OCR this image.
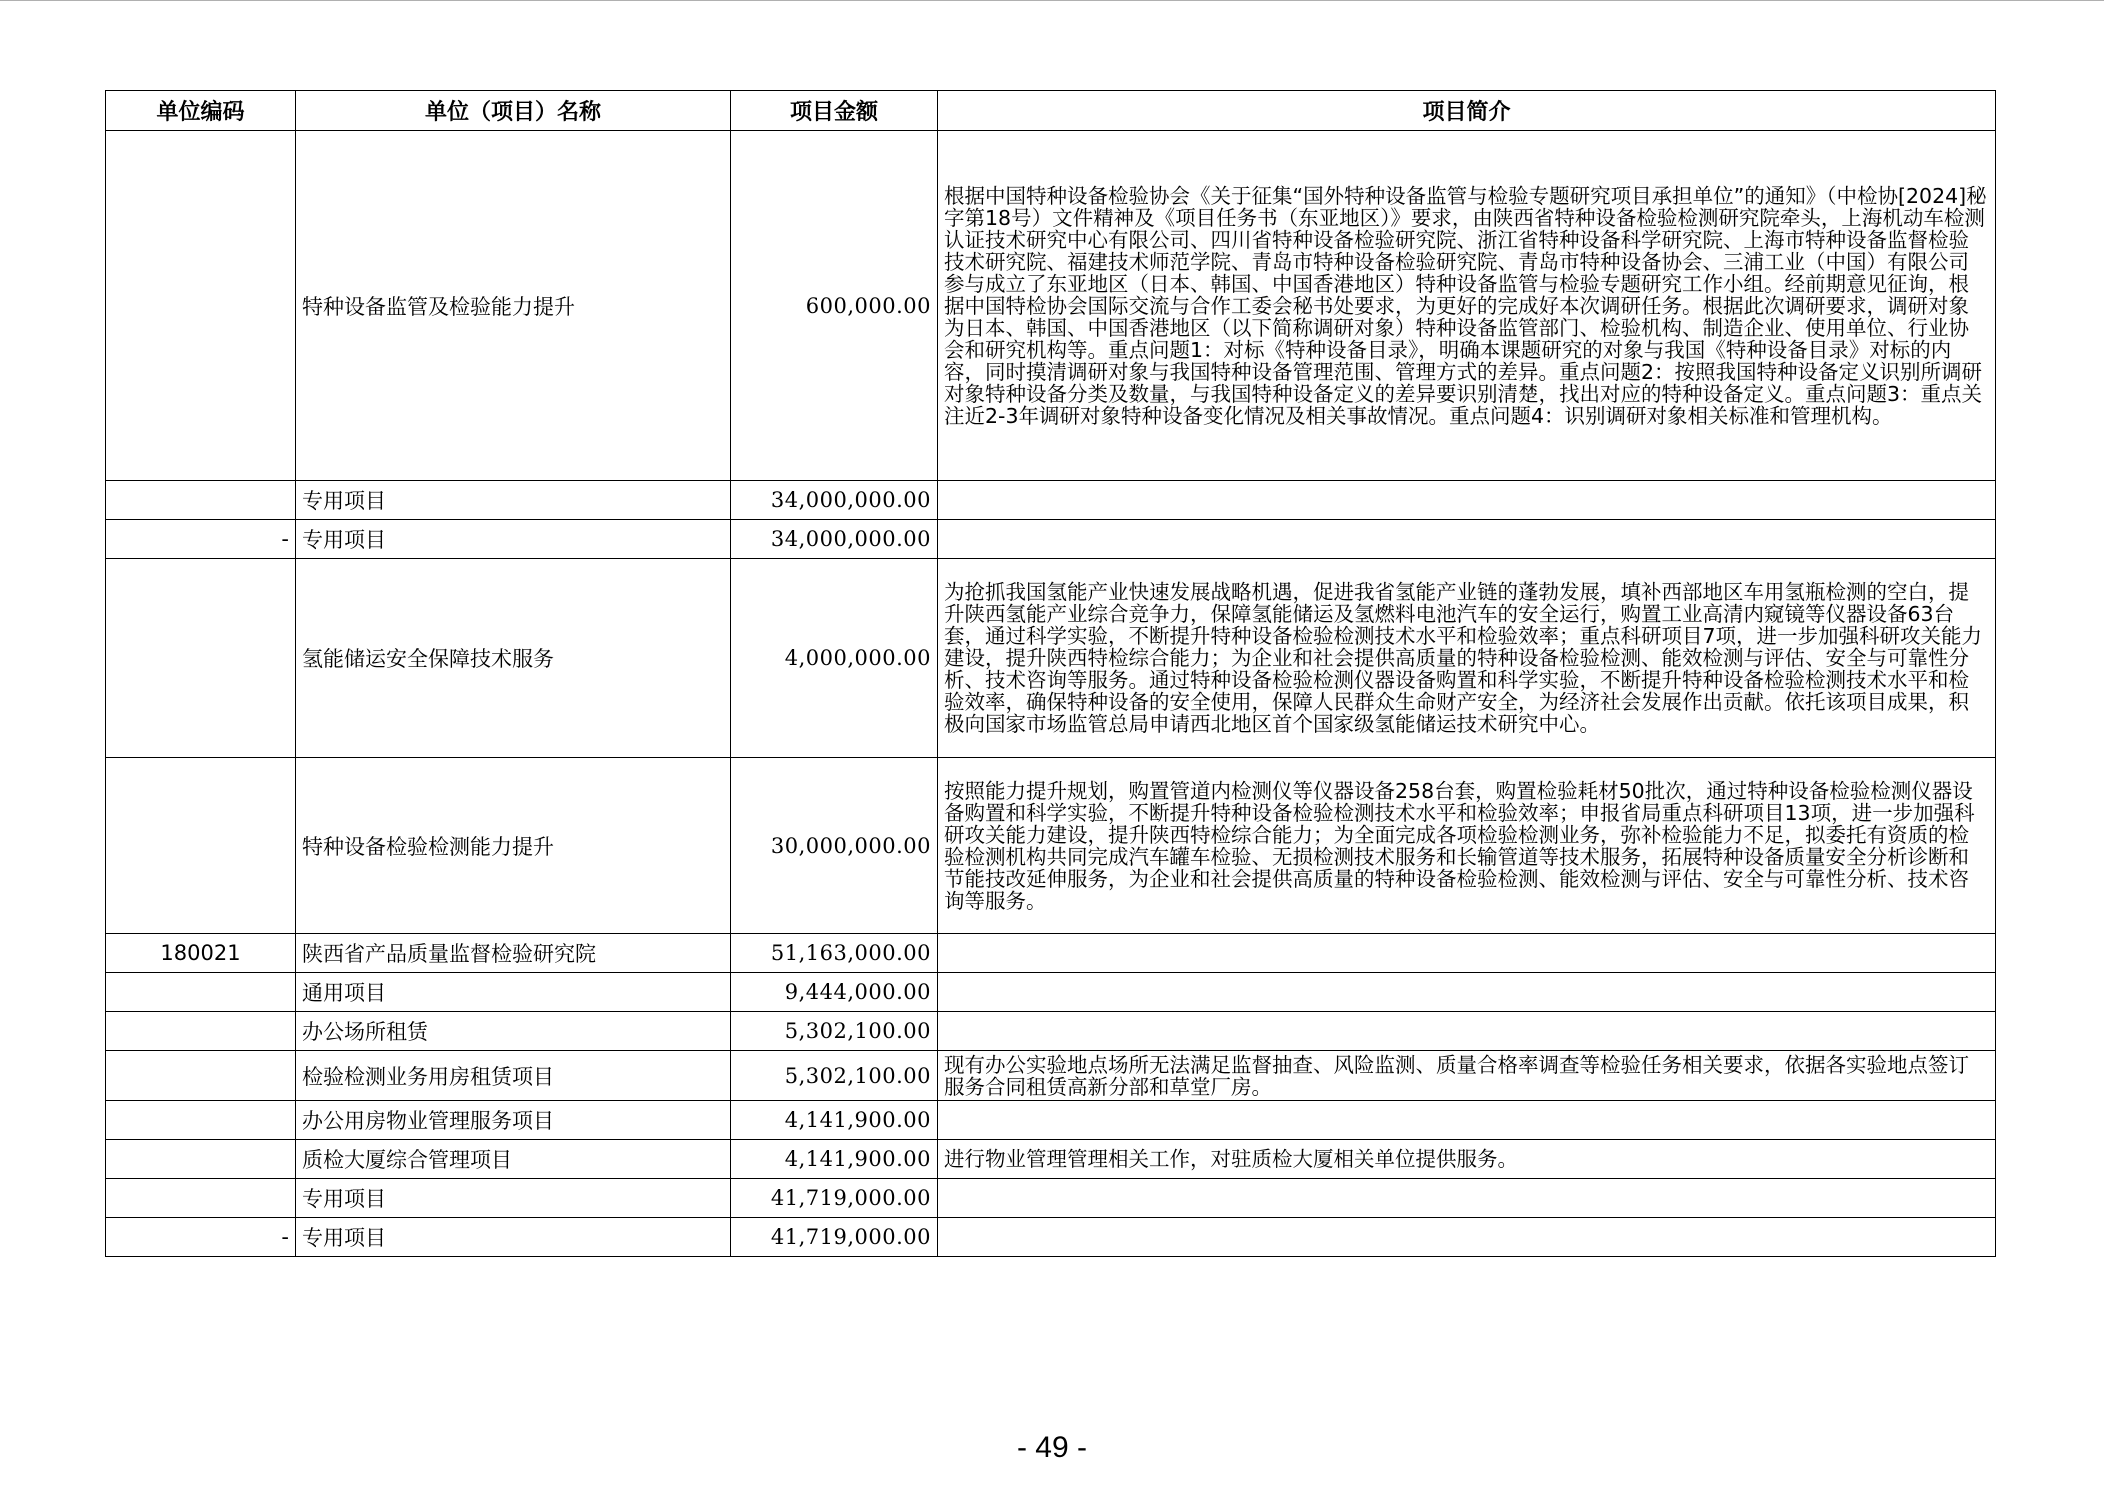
单位编码	单位（项目）名称	项目金额	项目简介
	特种设备监管及检验能力提升	600,000.00	根据中国特种设备检验协会《关于征集“国外特种设备监管与检验专题研究项目承担单位”的通知》（中检协[2024]秘字第18号）文件精神及《项目任务书（东亚地区）》要求，由陕西省特种设备检验检测研究院牵头，上海机动车检测认证技术研究中心有限公司、四川省特种设备检验研究院、浙江省特种设备科学研究院、上海市特种设备监督检验技术研究院、福建技术师范学院、青岛市特种设备检验研究院、青岛市特种设备协会、三浦工业（中国）有限公司参与成立了东亚地区（日本、韩国、中国香港地区）特种设备监管与检验专题研究工作小组。经前期意见征询，根据中国特检协会国际交流与合作工委会秘书处要求，为更好的完成好本次调研任务。根据此次调研要求，调研对象为日本、韩国、中国香港地区（以下简称调研对象）特种设备监管部门、检验机构、制造企业、使用单位、行业协会和研究机构等。重点问题1：对标《特种设备目录》，明确本课题研究的对象与我国《特种设备目录》对标的内容，同时摸清调研对象与我国特种设备管理范围、管理方式的差异。重点问题2：按照我国特种设备定义识别所调研对象特种设备分类及数量，与我国特种设备定义的差异要识别清楚，找出对应的特种设备定义。重点问题3：重点关注近2-3年调研对象特种设备变化情况及相关事故情况。重点问题4：识别调研对象相关标准和管理机构。
	专用项目	34,000,000.00	
-	专用项目	34,000,000.00	
	氢能储运安全保障技术服务	4,000,000.00	为抢抓我国氢能产业快速发展战略机遇，促进我省氢能产业链的蓬勃发展，填补西部地区车用氢瓶检测的空白，提升陕西氢能产业综合竞争力，保障氢能储运及氢燃料电池汽车的安全运行，购置工业高清内窥镜等仪器设备63台套，通过科学实验，不断提升特种设备检验检测技术水平和检验效率；重点科研项目7项，进一步加强科研攻关能力建设，提升陕西特检综合能力；为企业和社会提供高质量的特种设备检验检测、能效检测与评估、安全与可靠性分析、技术咨询等服务。通过特种设备检验检测仪器设备购置和科学实验，不断提升特种设备检验检测技术水平和检验效率，确保特种设备的安全使用，保障人民群众生命财产安全，为经济社会发展作出贡献。依托该项目成果，积极向国家市场监管总局申请西北地区首个国家级氢能储运技术研究中心。
	特种设备检验检测能力提升	30,000,000.00	按照能力提升规划，购置管道内检测仪等仪器设备258台套，购置检验耗材50批次，通过特种设备检验检测仪器设备购置和科学实验，不断提升特种设备检验检测技术水平和检验效率；申报省局重点科研项目13项，进一步加强科研攻关能力建设，提升陕西特检综合能力；为全面完成各项检验检测业务，弥补检验能力不足，拟委托有资质的检验检测机构共同完成汽车罐车检验、无损检测技术服务和长输管道等技术服务，拓展特种设备质量安全分析诊断和节能技改延伸服务，为企业和社会提供高质量的特种设备检验检测、能效检测与评估、安全与可靠性分析、技术咨询等服务。
180021	陕西省产品质量监督检验研究院	51,163,000.00	
	通用项目	9,444,000.00	
	办公场所租赁	5,302,100.00	
	检验检测业务用房租赁项目	5,302,100.00	现有办公实验地点场所无法满足监督抽查、风险监测、质量合格率调查等检验任务相关要求，依据各实验地点签订服务合同租赁高新分部和草堂厂房。
	办公用房物业管理服务项目	4,141,900.00	
	质检大厦综合管理项目	4,141,900.00	进行物业管理管理相关工作，对驻质检大厦相关单位提供服务。
	专用项目	41,719,000.00	
-	专用项目	41,719,000.00	
- 49 -
